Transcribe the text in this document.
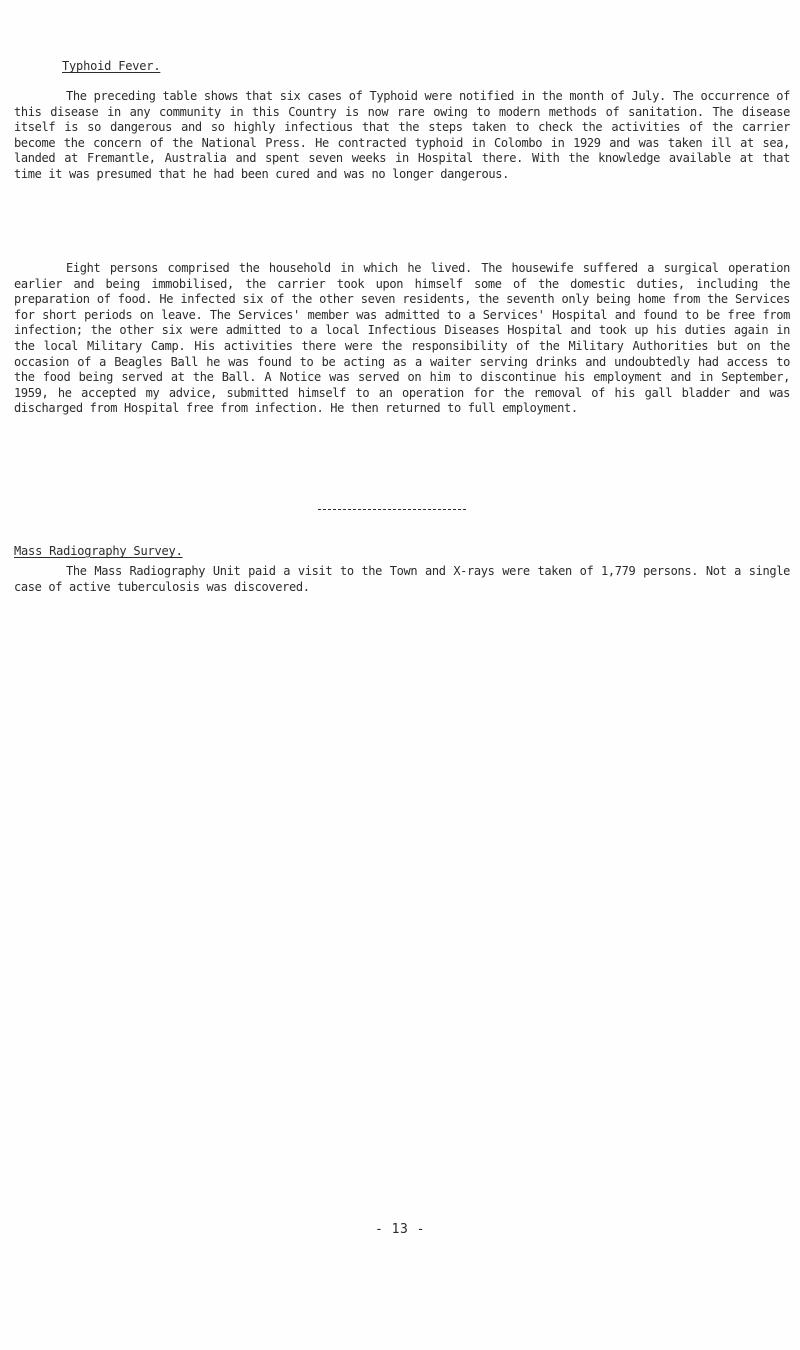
Typhoid Fever.
The preceding table shows that six cases of Typhoid were notified in the month of July. The occurrence of this disease in any community in this Country is now rare owing to modern methods of sanitation. The disease itself is so dangerous and so highly infectious that the steps taken to check the activities of the carrier become the concern of the National Press. He contracted typhoid in Colombo in 1929 and was taken ill at sea, landed at Fremantle, Australia and spent seven weeks in Hospital there. With the knowledge available at that time it was presumed that he had been cured and was no longer dangerous.
Eight persons comprised the household in which he lived. The housewife suffered a surgical operation earlier and being immobilised, the carrier took upon himself some of the domestic duties, including the preparation of food. He infected six of the other seven residents, the seventh only being home from the Services for short periods on leave. The Services' member was admitted to a Services' Hospital and found to be free from infection; the other six were admitted to a local Infectious Diseases Hospital and took up his duties again in the local Military Camp. His activities there were the responsibility of the Military Authorities but on the occasion of a Beagles Ball he was found to be acting as a waiter serving drinks and undoubtedly had access to the food being served at the Ball. A Notice was served on him to discontinue his employment and in September, 1959, he accepted my advice, submitted himself to an operation for the removal of his gall bladder and was discharged from Hospital free from infection. He then returned to full employment.
Mass Radiography Survey.
The Mass Radiography Unit paid a visit to the Town and X-rays were taken of 1,779 persons. Not a single case of active tuberculosis was discovered.
- 13 -
